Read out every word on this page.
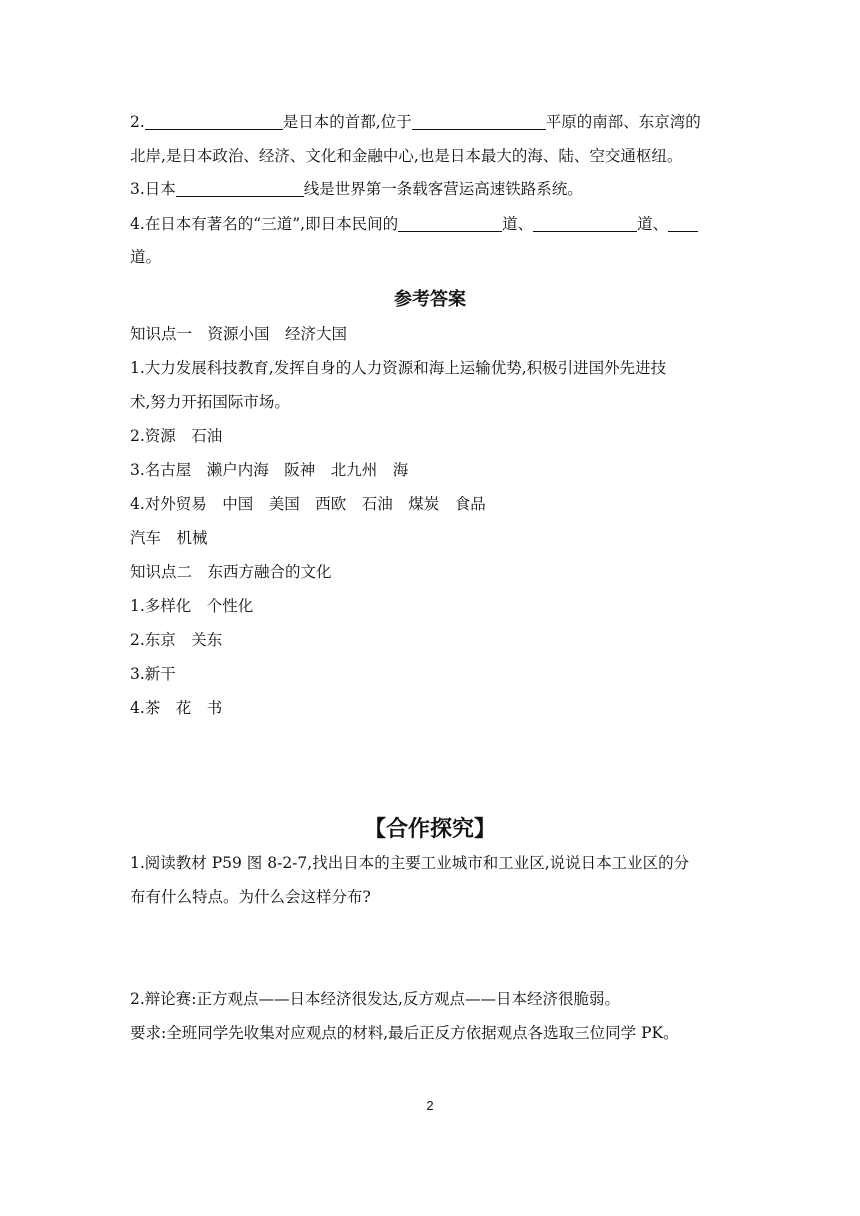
2.	是日本的首都,位于	平原的南部、东京湾的
北岸,是日本政治、经济、文化和金融中心,也是日本最大的海、陆、空交通枢纽。
3.日本	线是世界第一条载客营运高速铁路系统。
4.在日本有著名的“三道”,即日本民间的	道、	道、
道。
参考答案
知识点一　资源小国　经济大国
1.大力发展科技教育,发挥自身的人力资源和海上运输优势,积极引进国外先进技
术,努力开拓国际市场。
2.资源　石油
3.名古屋　濑户内海　阪神　北九州　海
4.对外贸易　中国　美国　西欧　石油　煤炭　食品
汽车　机械
知识点二　东西方融合的文化
1.多样化　个性化
2.东京　关东
3.新干
4.茶　花　书
【合作探究】
1.阅读教材 P59 图 8-2-7,找出日本的主要工业城市和工业区,说说日本工业区的分
布有什么特点。为什么会这样分布?
2.辩论赛:正方观点——日本经济很发达,反方观点——日本经济很脆弱。
要求:全班同学先收集对应观点的材料,最后正反方依据观点各选取三位同学 PK。
2
